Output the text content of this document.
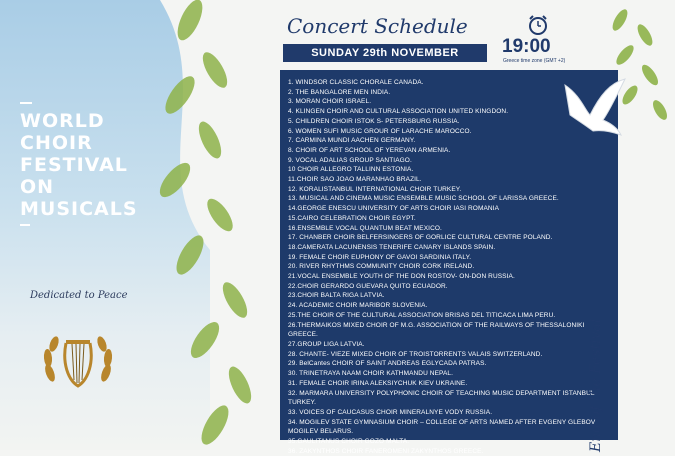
WORLD
CHOIR
FESTIVAL
ON
MUSICALS
Dedicated to Peace
Concert Schedule
SUNDAY 29th NOVEMBER	19:00
Greece time zone (GMT +2)
1. WINDSOR CLASSIC CHORALE CANADA.
2. THE BANGALORE MEN INDIA.
3. MORAN CHOIR ISRAEL.
4. KLINGEN CHOIR AND CULTURAL ASSOCIATION UNITED KINGDON.
5. CHILDREN CHOIR ISTOK S- PETERSBURG RUSSIA.
6. WOMEN SUFI MUSIC GROUR OF LARACHE MAROCCO.
7. CARMINA MUNDI AACHEN GERMANY.
8. CHOIR OF ART SCHOOL OF YEREVAN ARMENIA.
9. VOCAL ADALIAS GROUP SANTIAGO.
10 CHOIR ALLEGRO TALLINN ESTONIA.
11.CHOIR SAO JOAO MARANHAO BRAZIL.
12. KORALISTANBUL INTERNATIONAL CHOIR TURKEY.
13. MUSICAL AND CINEMA MUSIC ENSEMBLE MUSIC SCHOOL OF LARISSA GREECE.
14.GEORGE ENESCU UNIVERSITY OF ARTS CHOIR IASI ROMANIA
15.CAIRO CELEBRATION CHOIR EGYPT.
16.ENSEMBLE VOCAL QUANTUM BEAT MEXICO.
17. CHANBER CHOIR BELFERSINGERS OF GORLICE CULTURAL CENTRE POLAND.
18.CAMERATA LACUNENSIS TENERIFE CANARY ISLANDS SPAIN.
19. FEMALE CHOIR EUPHONY OF GAVOI SARDINIA ITALY.
20. RIVER RHYTHMS COMMUNITY CHOIR CORK IRELAND.
21.VOCAL ENSEMBLE YOUTH OF THE DON ROSTOV- ON-DON RUSSIA.
22.CHOIR GERARDO GUEVARA QUITO ECUADOR.
23.CHOIR BALTA RIGA LATVIA.
24. ACADEMIC CHOIR MARIBOR SLOVENIA.
25.THE CHOIR OF THE CULTURAL ASSOCIATION BRISAS DEL TITICACA LIMA PERU.
26.THERMAIKOS MIXED CHOIR OF M.G. ASSOCIATION OF THE RAILWAYS OF THESSALONIKI GREECE.
27.GROUP LIGA LATVIA.
28. CHANTE- VIEZE MIXED CHOIR OF TROISTORRENTS VALAIS SWITZERLAND.
29. BelCantes CHOIR OF SAINT ANDREAS EGLYCADA PATRAS.
30. TRINETRAYA NAAM CHOIR KATHMANDU NEPAL.
31. FEMALE CHOIR IRINA ALEKSIYCHUK KIEV UKRAINE.
32. MARMARA UNIVERSITY POLYPHONIC CHOIR OF TEACHING MUSIC DEPARTMENT ISTANBUL TURKEY.
33. VOICES OF CAUCASUS CHOIR MINERALNYE VODY RUSSIA.
34. MOGILEV STATE GYMNASIUM CHOIR – COLLEGE OF ARTS NAMED AFTER EVGENY GLEBOV MOGILEV BELARUS.
35.GAULITANUS CHOIR GOZO MALTA.
36. ZAKYNTHOS CHOIR FANEROMENI ZAKYNTHOS GREECE.	End of the Festival
